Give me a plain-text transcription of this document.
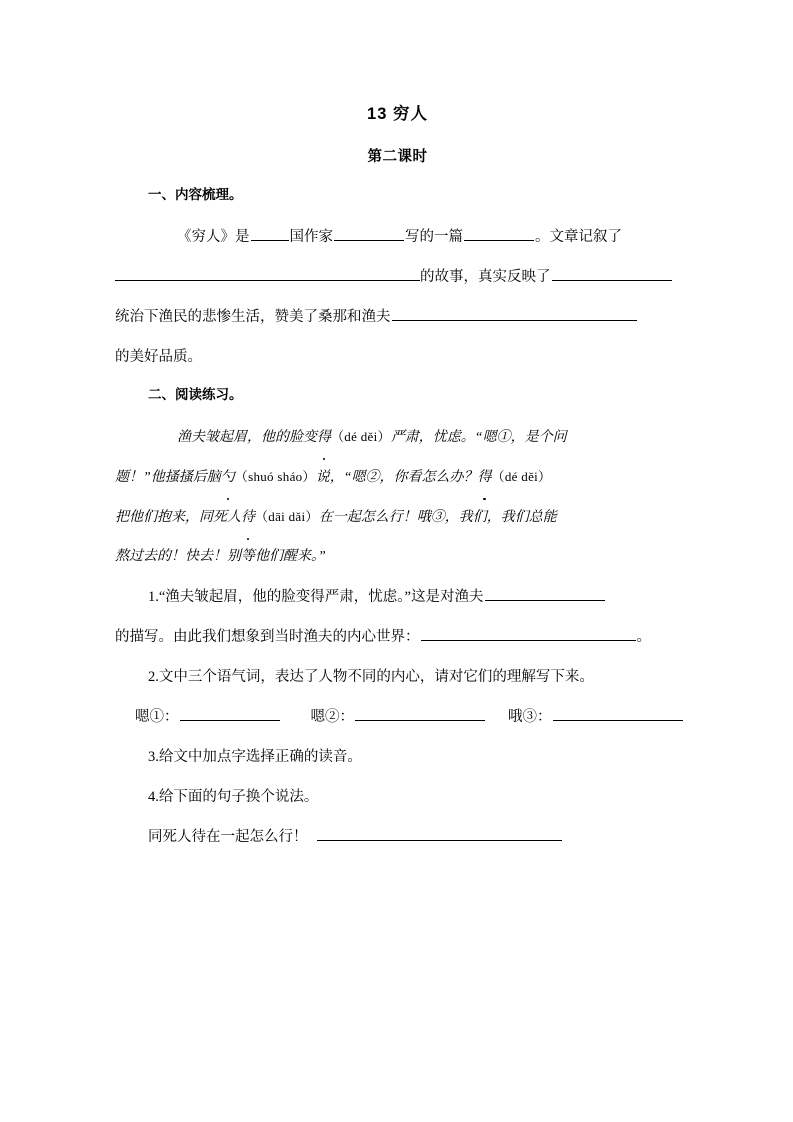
13 穷人
第二课时
一、内容梳理。
《穷人》是	国作家	写的一篇	。文章记叙了
的故事，真实反映了
统治下渔民的悲惨生活，赞美了桑那和渔夫
的美好品质。
二、阅读练习。
渔夫皱起眉，他的脸变得（dé děi）严肃，忧虑。“嗯①，是个问
题！”他搔搔后脑勺（shuó sháo）说，“嗯②，你看怎么办？得（dé děi）
把他们抱来，同死人待（dāi dǎi）在一起怎么行！哦③，我们，我们总能
熬过去的！快去！别等他们醒来。”
1.“渔夫皱起眉，他的脸变得严肃，忧虑。”这是对渔夫
的描写。由此我们想象到当时渔夫的内心世界：	。
2.文中三个语气词，表达了人物不同的内心，请对它们的理解写下来。
嗯①：	嗯②：	哦③：
3.给文中加点字选择正确的读音。
4.给下面的句子换个说法。
同死人待在一起怎么行！
